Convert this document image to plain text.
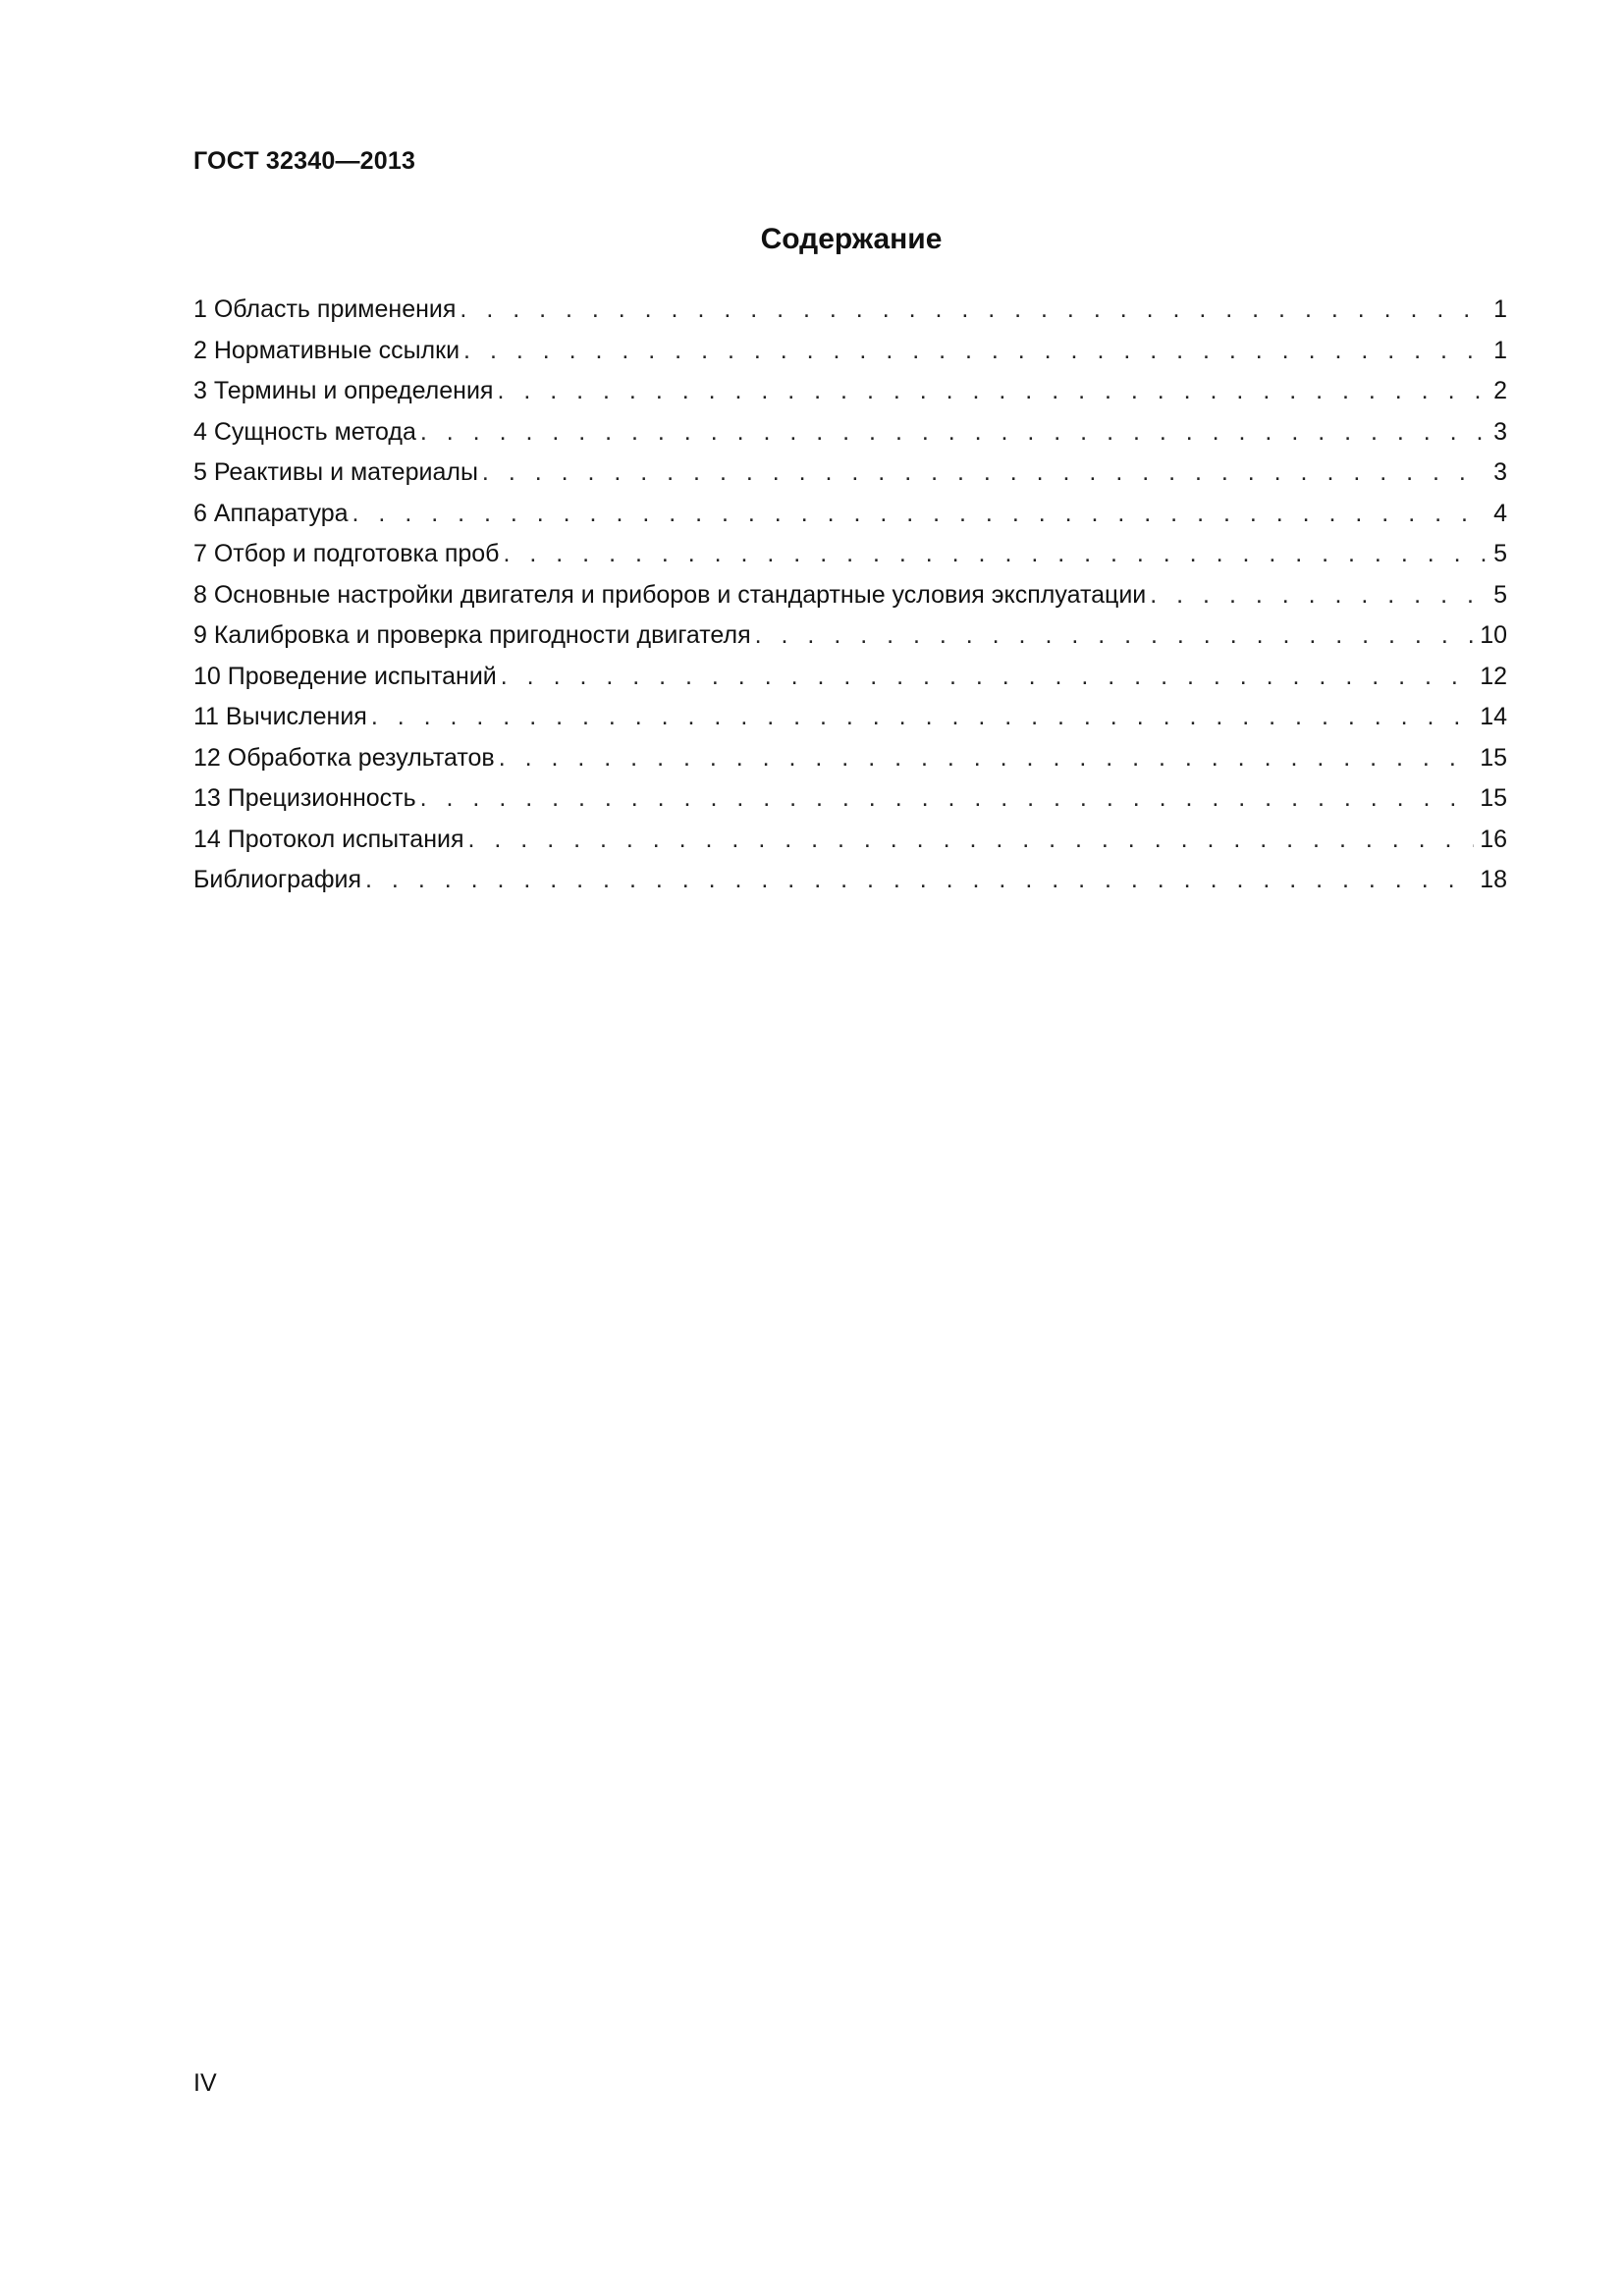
ГОСТ 32340—2013
Содержание
1 Область применения . . .	1
2 Нормативные ссылки . . .	1
3 Термины и определения . . .	2
4 Сущность метода . . .	3
5 Реактивы и материалы . . .	3
6 Аппаратура . . .	4
7 Отбор и подготовка проб . . .	5
8 Основные настройки двигателя и приборов и стандартные условия эксплуатации . . .	5
9 Калибровка и проверка пригодности двигателя . . .	10
10 Проведение испытаний . . .	12
11 Вычисления . . .	14
12 Обработка результатов . . .	15
13 Прецизионность . . .	15
14 Протокол испытания . . .	16
Библиография . . .	18
IV
